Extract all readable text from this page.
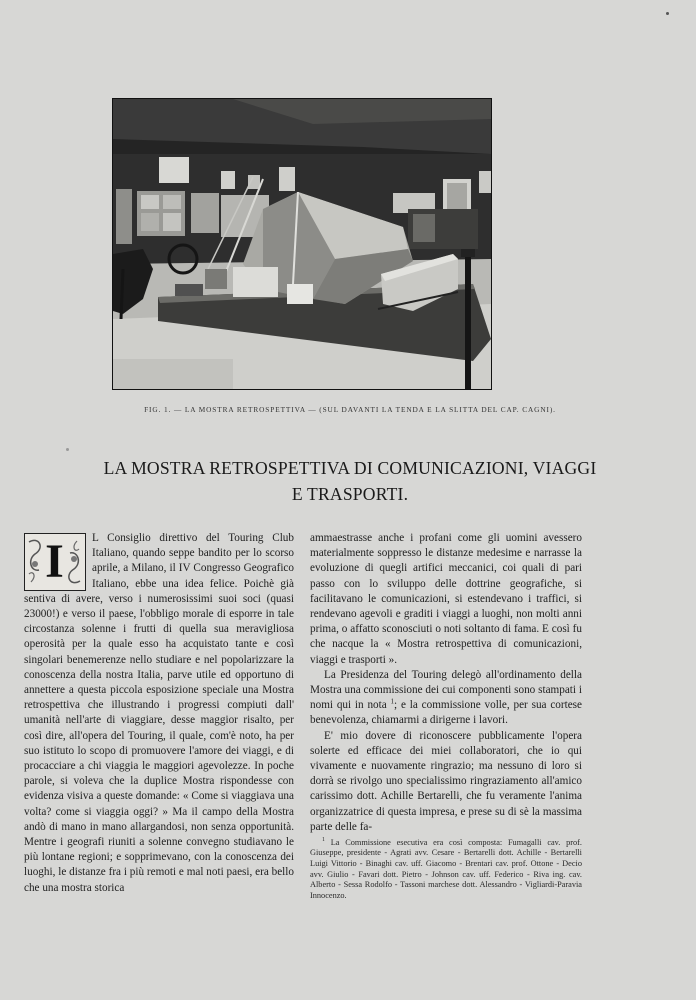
FIG. 1. — LA MOSTRA RETROSPETTIVA — (SUL DAVANTI LA TENDA E LA SLITTA DEL CAP. CAGNI).
LA MOSTRA RETROSPETTIVA DI COMUNICAZIONI, VIAGGI
E TRASPORTI.
I	L Consiglio direttivo del Touring Club Italiano, quando seppe bandito per lo scorso aprile, a Milano, il IV Congresso Geografico Italiano, ebbe una idea felice. Poichè già sentiva di avere, verso i numerosissimi suoi soci (quasi 23000!) e verso il paese, l'obbligo morale di esporre in tale circostanza solenne i frutti di quella sua meravigliosa operosità per la quale esso ha acquistato tante e così singolari benemerenze nello studiare e nel popolarizzare la conoscenza della nostra Italia, parve utile ed opportuno di annettere a questa piccola esposizione speciale una Mostra retrospettiva che illustrando i progressi compiuti dall' umanità nell'arte di viaggiare, desse maggior risalto, per così dire, all'opera del Touring, il quale, com'è noto, ha per suo istituto lo scopo di promuovere l'amore dei viaggi, e di procacciare a chi viaggia le maggiori agevolezze. In poche parole, si voleva che la duplice Mostra rispondesse con evidenza visiva a queste domande: « Come si viaggiava una volta? come si viaggia oggi? » Ma il campo della Mostra andò di mano in mano allargandosi, non senza opportunità. Mentre i geografi riuniti a solenne convegno studiavano le più lontane regioni; e sopprimevano, con la conoscenza dei luoghi, le distanze fra i più remoti e mal noti paesi, era bello che una mostra storica

ammaestrasse anche i profani come gli uomini avessero materialmente soppresso le distanze medesime e narrasse la evoluzione di quegli artifici meccanici, coi quali di pari passo con lo sviluppo delle dottrine geografiche, si facilitavano le comunicazioni, si estendevano i traffici, si rendevano agevoli e graditi i viaggi a luoghi, non molti anni prima, o affatto sconosciuti o noti soltanto di fama. E così fu che nacque la « Mostra retrospettiva di comunicazioni, viaggi e trasporti ».

La Presidenza del Touring delegò all'ordinamento della Mostra una commissione dei cui componenti sono stampati i nomi qui in nota $^1$; e la commissione volle, per sua cortese benevolenza, chiamarmi a dirigerne i lavori.

E' mio dovere di riconoscere pubblicamente l'opera solerte ed efficace dei miei collaboratori, che io qui vivamente e nuovamente ringrazio; ma nessuno di loro si dorrà se rivolgo uno specialissimo ringraziamento all'amico carissimo dott. Achille Bertarelli, che fu veramente l'anima organizzatrice di questa impresa, e prese su di sè la massima parte delle fa-

$^1$ La Commissione esecutiva era così composta: Fumagalli cav. prof. Giuseppe, presidente - Agrati avv. Cesare - Bertarelli dott. Achille - Bertarelli Luigi Vittorio - Binaghi cav. uff. Giacomo - Brentari cav. prof. Ottone - Decio avv. Giulio - Favari dott. Pietro - Johnson cav. uff. Federico - Riva ing. cav. Alberto - Sessa Rodolfo - Tassoni marchese dott. Alessandro - Vigliardi-Paravia Innocenzo.
